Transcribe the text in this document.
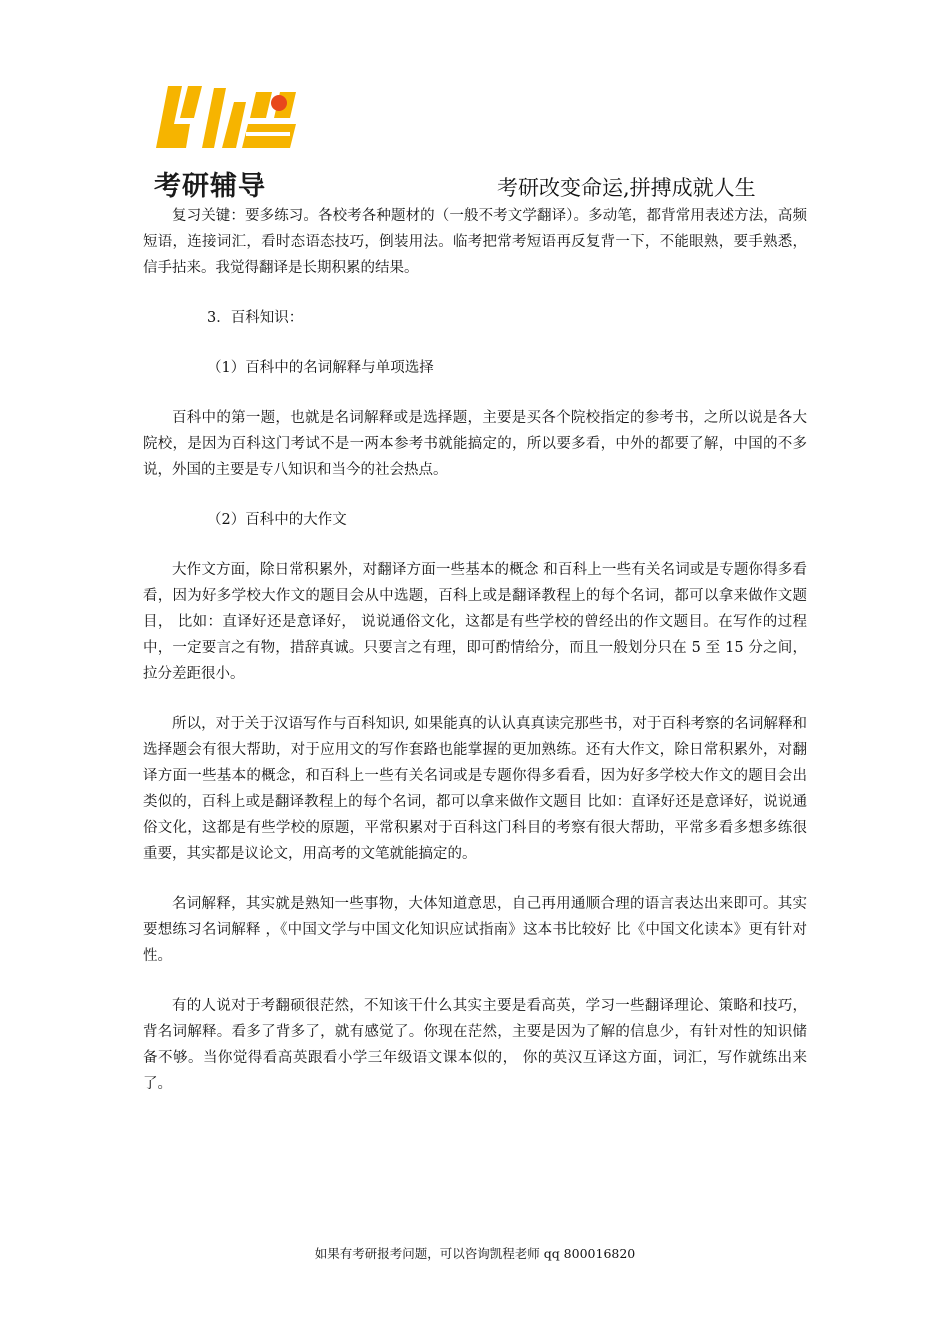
考研辅导	考研改变命运,拼搏成就人生

复习关键：要多练习。各校考各种题材的（一般不考文学翻译）。多动笔，都背常用表述方法，高频短语，连接词汇，看时态语态技巧，倒装用法。临考把常考短语再反复背一下，不能眼熟，要手熟悉，信手拈来。我觉得翻译是长期积累的结果。

3．百科知识：

（1）百科中的名词解释与单项选择

百科中的第一题，也就是名词解释或是选择题，主要是买各个院校指定的参考书，之所以说是各大院校，是因为百科这门考试不是一两本参考书就能搞定的，所以要多看，中外的都要了解，中国的不多说，外国的主要是专八知识和当今的社会热点。

（2）百科中的大作文

大作文方面，除日常积累外，对翻译方面一些基本的概念 和百科上一些有关名词或是专题你得多看看，因为好多学校大作文的题目会从中选题，百科上或是翻译教程上的每个名词，都可以拿来做作文题目， 比如：直译好还是意译好， 说说通俗文化，这都是有些学校的曾经出的作文题目。在写作的过程中，一定要言之有物，措辞真诚。只要言之有理，即可酌情给分，而且一般划分只在 5 至 15 分之间，拉分差距很小。

所以，对于关于汉语写作与百科知识, 如果能真的认认真真读完那些书，对于百科考察的名词解释和选择题会有很大帮助，对于应用文的写作套路也能掌握的更加熟练。还有大作文，除日常积累外，对翻译方面一些基本的概念，和百科上一些有关名词或是专题你得多看看，因为好多学校大作文的题目会出类似的，百科上或是翻译教程上的每个名词，都可以拿来做作文题目 比如：直译好还是意译好，说说通俗文化，这都是有些学校的原题，平常积累对于百科这门科目的考察有很大帮助，平常多看多想多练很重要，其实都是议论文，用高考的文笔就能搞定的。

名词解释，其实就是熟知一些事物，大体知道意思，自己再用通顺合理的语言表达出来即可。其实要想练习名词解释 ，《中国文学与中国文化知识应试指南》这本书比较好 比《中国文化读本》更有针对性。

有的人说对于考翻硕很茫然，不知该干什么其实主要是看高英，学习一些翻译理论、策略和技巧，背名词解释。看多了背多了，就有感觉了。你现在茫然，主要是因为了解的信息少，有针对性的知识储备不够。当你觉得看高英跟看小学三年级语文课本似的， 你的英汉互译这方面，词汇，写作就练出来了。

如果有考研报考问题，可以咨询凯程老师 qq 800016820
